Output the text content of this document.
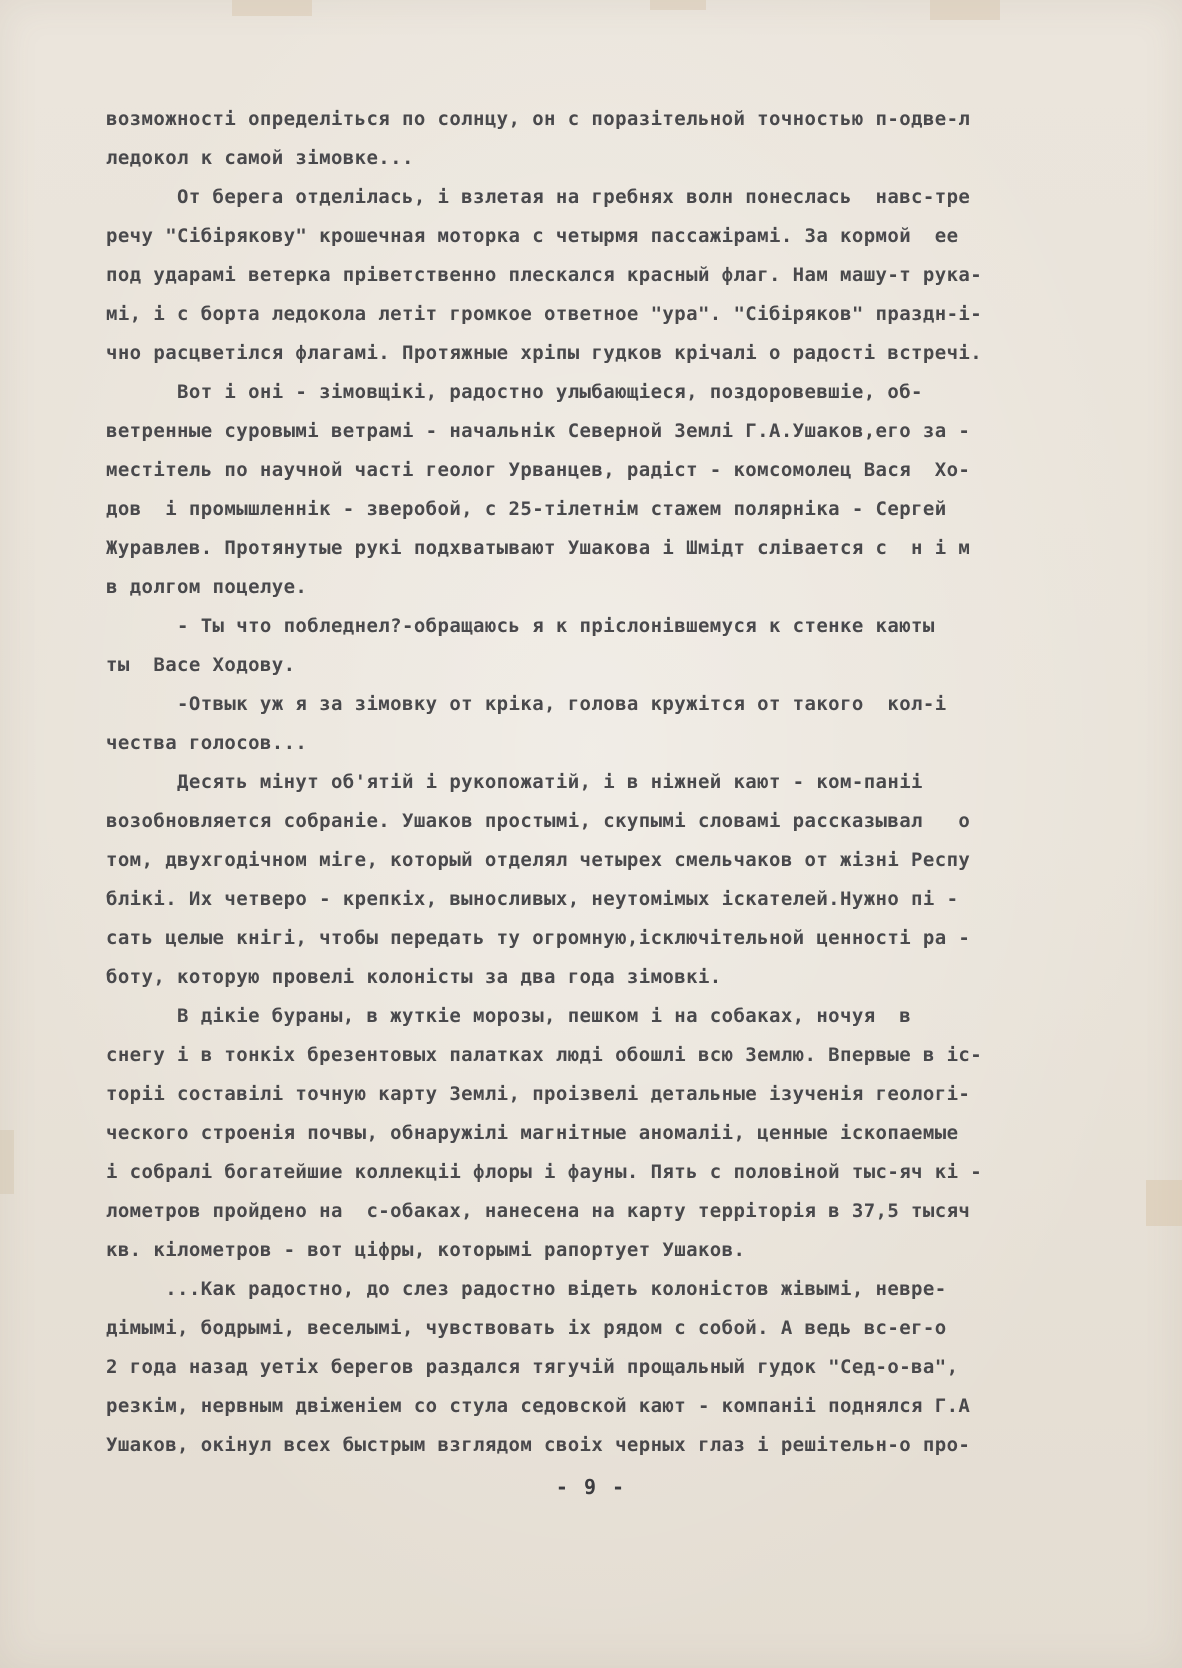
возможності определіться по солнцу, он с поразітельной точностью п-одве-л
ледокол к самой зімовке...
От берега отделілась, і взлетая на гребнях волн понеслась  навс-тре
речу "Сібірякову" крошечная моторка с четырмя пассажірамі. За кормой  ее
под ударамі ветерка пріветственно плескался красный флаг. Нам машу-т рука-
мі, і с борта ледокола летіт громкое ответное "ура". "Сібіряков" праздн-і-
чно расцветілся флагамі. Протяжные хріпы гудков крічалі о радості встречі.
Вот і оні - зімовщікі, радостно улыбающіеся, поздоровевшіе, об-
ветренные суровымі ветрамі - начальнік Северной Землі Г.А.Ушаков,его за -
местітель по научной часті геолог Урванцев, радіст - комсомолец Вася  Хо-
дов  і промышленнік - зверобой, с 25-тілетнім стажем полярніка - Сергей
Журавлев. Протянутые рукі подхватывают Ушакова і Шмідт слівается с  н і м
в долгом поцелуе.
- Ты что побледнел?-обращаюсь я к пріслонівшемуся к стенке каюты
ты  Васе Ходову.
-Отвык уж я за зімовку от кріка, голова кружітся от такого  кол-і
чества голосов...
Десять мінут об'ятій і рукопожатій, і в ніжней кают - ком-паніі
возобновляется собраніе. Ушаков простымі, скупымі словамі рассказывал   о
том, двухгодічном міге, который отделял четырех смельчаков от жізні Респу
блікі. Их четверо - крепкіх, выносливых, неутомімых іскателей.Нужно пі -
сать целые кнігі, чтобы передать ту огромную,ісключітельной ценності ра -
боту, которую провелі колоністы за два года зімовкі.
В дікіе бураны, в жуткіе морозы, пешком і на собаках, ночуя  в
снегу і в тонкіх брезентовых палатках люді обошлі всю Землю. Впервые в іс-
торіі составілі точную карту Землі, проізвелі детальные ізученія геологі-
ческого строенія почвы, обнаружілі магнітные аномаліі, ценные іскопаемые
і собралі богатейшие коллекціі флоры і фауны. Пять с половіной тыс-яч кі -
лометров пройдено на  с-обаках, нанесена на карту терріторія в 37,5 тысяч
кв. кілометров - вот ціфры, которымі рапортует Ушаков.
...Как радостно, до слез радостно відеть колоністов жівымі, невре-
дімымі, бодрымі, веселымі, чувствовать іх рядом с собой. А ведь вс-ег-о
2 года назад уетіх берегов раздался тягучій прощальный гудок "Сед-о-ва",
резкім, нервным двіженіем со стула седовской кают - компаніі поднялся Г.А
Ушаков, окінул всех быстрым взглядом своіх черных глаз і решітельн-о про-
- 9 -
